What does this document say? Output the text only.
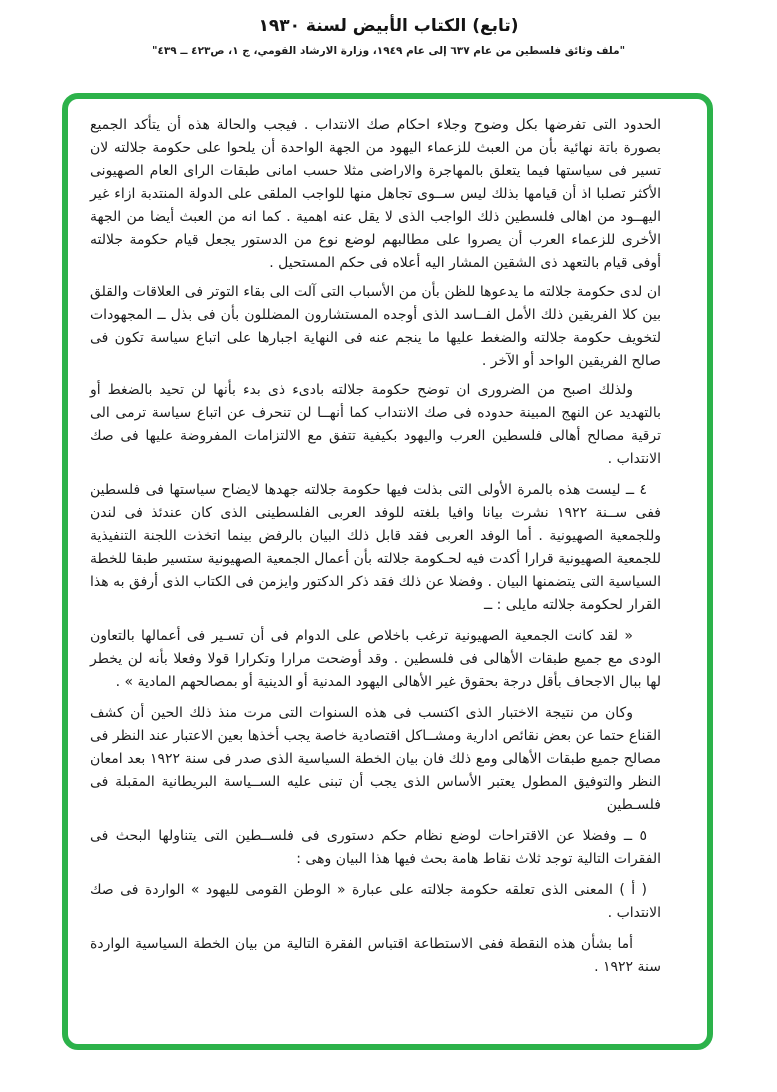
(تابع) الكتاب الأبيض لسنة ١٩٣٠
"ملف وثائق فلسطين من عام ٦٣٧ إلى عام ١٩٤٩، وزارة الارشاد القومي، ج ١، ص٤٢٣ ــ ٤٣٩"

الحدود التى تفرضها بكل وضوح وجلاء احكام صك الانتداب . فيجب والحالة هذه أن يتأكد الجميع بصورة باتة نهائية بأن من العبث للزعماء اليهود من الجهة الواحدة أن يلحوا على حكومة جلالته لان تسير فى سياستها فيما يتعلق بالمهاجرة والاراضى مثلا حسب امانى طبقات الراى العام الصهيونى الأكثر تصلبا اذ أن قيامها بذلك ليس ســوى تجاهل منها للواجب الملقى على الدولة المنتدبة ازاء غير اليهــود من اهالى فلسطين ذلك الواجب الذى لا يقل عنه اهمية . كما انه من العبث أيضا من الجهة الأخرى للزعماء العرب أن يصروا على مطالبهم لوضع نوع من الدستور يجعل قيام حكومة جلالته أوفى قيام بالتعهد ذى الشقين المشار اليه أعلاه فى حكم المستحيل .

ان لدى حكومة جلالته ما يدعوها للظن بأن من الأسباب التى آلت الى بقاء التوتر فى العلاقات والقلق بين كلا الفريقين ذلك الأمل الفــاسد الذى أوجده المستشارون المضللون بأن فى بذل ــ المجهودات لتخويف حكومة جلالته والضغط عليها ما ينجم عنه فى النهاية اجبارها على اتباع سياسة تكون فى صالح الفريقين الواحد أو الآخر .

ولذلك اصبح من الضرورى ان توضح حكومة جلالته بادىء ذى بدء بأنها لن تحيد بالضغط أو بالتهديد عن النهج المبينة حدوده فى صك الانتداب كما أنهــا لن تنحرف عن اتباع سياسة ترمى الى ترقية مصالح أهالى فلسطين العرب واليهود بكيفية تتفق مع الالتزامات المفروضة عليها فى صك الانتداب .

٤ ــ ليست هذه بالمرة الأولى التى بذلت فيها حكومة جلالته جهدها لايضاح سياستها فى فلسطين ففى ســنة ١٩٢٢ نشرت بيانا وافيا بلغته للوفد العربى الفلسطينى الذى كان عندئذ فى لندن وللجمعية الصهيونية . أما الوفد العربى فقد قابل ذلك البيان بالرفض بينما اتخذت اللجنة التنفيذية للجمعية الصهيونية قرارا أكدت فيه لحـكومة جلالته بأن أعمال الجمعية الصهيونية ستسير طبقا للخطة السياسية التى يتضمنها البيان . وفضلا عن ذلك فقد ذكر الدكتور وايزمن فى الكتاب الذى أرفق به هذا القرار لحكومة جلالته مايلى : ــ

« لقد كانت الجمعية الصهيونية ترغب باخلاص على الدوام فى أن تسـير فى أعمالها بالتعاون الودى مع جميع طبقات الأهالى فى فلسطين . وقد أوضحت مرارا وتكرارا قولا وفعلا بأنه لن يخطر لها ببال الاجحاف بأقل درجة بحقوق غير الأهالى اليهود المدنية أو الدينية أو بمصالحهم المادية » .

وكان من نتيجة الاختبار الذى اكتسب فى هذه السنوات التى مرت منذ ذلك الحين أن كشف القناع حتما عن بعض نقائص ادارية ومشــاكل اقتصادية خاصة يجب أخذها بعين الاعتبار عند النظر فى مصالح جميع طبقات الأهالى ومع ذلك فان بيان الخطة السياسية الذى صدر فى سنة ١٩٢٢ بعد امعان النظر والتوفيق المطول يعتبر الأساس الذى يجب أن تبنى عليه الســياسة البريطانية المقبلة فى فلسـطين

٥ ــ وفضلا عن الاقتراحات لوضع نظام حكم دستورى فى فلســطين التى يتناولها البحث فى الفقرات التالية توجد ثلاث نقاط هامة بحث فيها هذا البيان وهى :

( أ ) المعنى الذى تعلقه حكومة جلالته على عبارة « الوطن القومى لليهود » الواردة فى صك الانتداب .

أما بشأن هذه النقطة ففى الاستطاعة اقتباس الفقرة التالية من بيان الخطة السياسية الواردة سنة ١٩٢٢ .
